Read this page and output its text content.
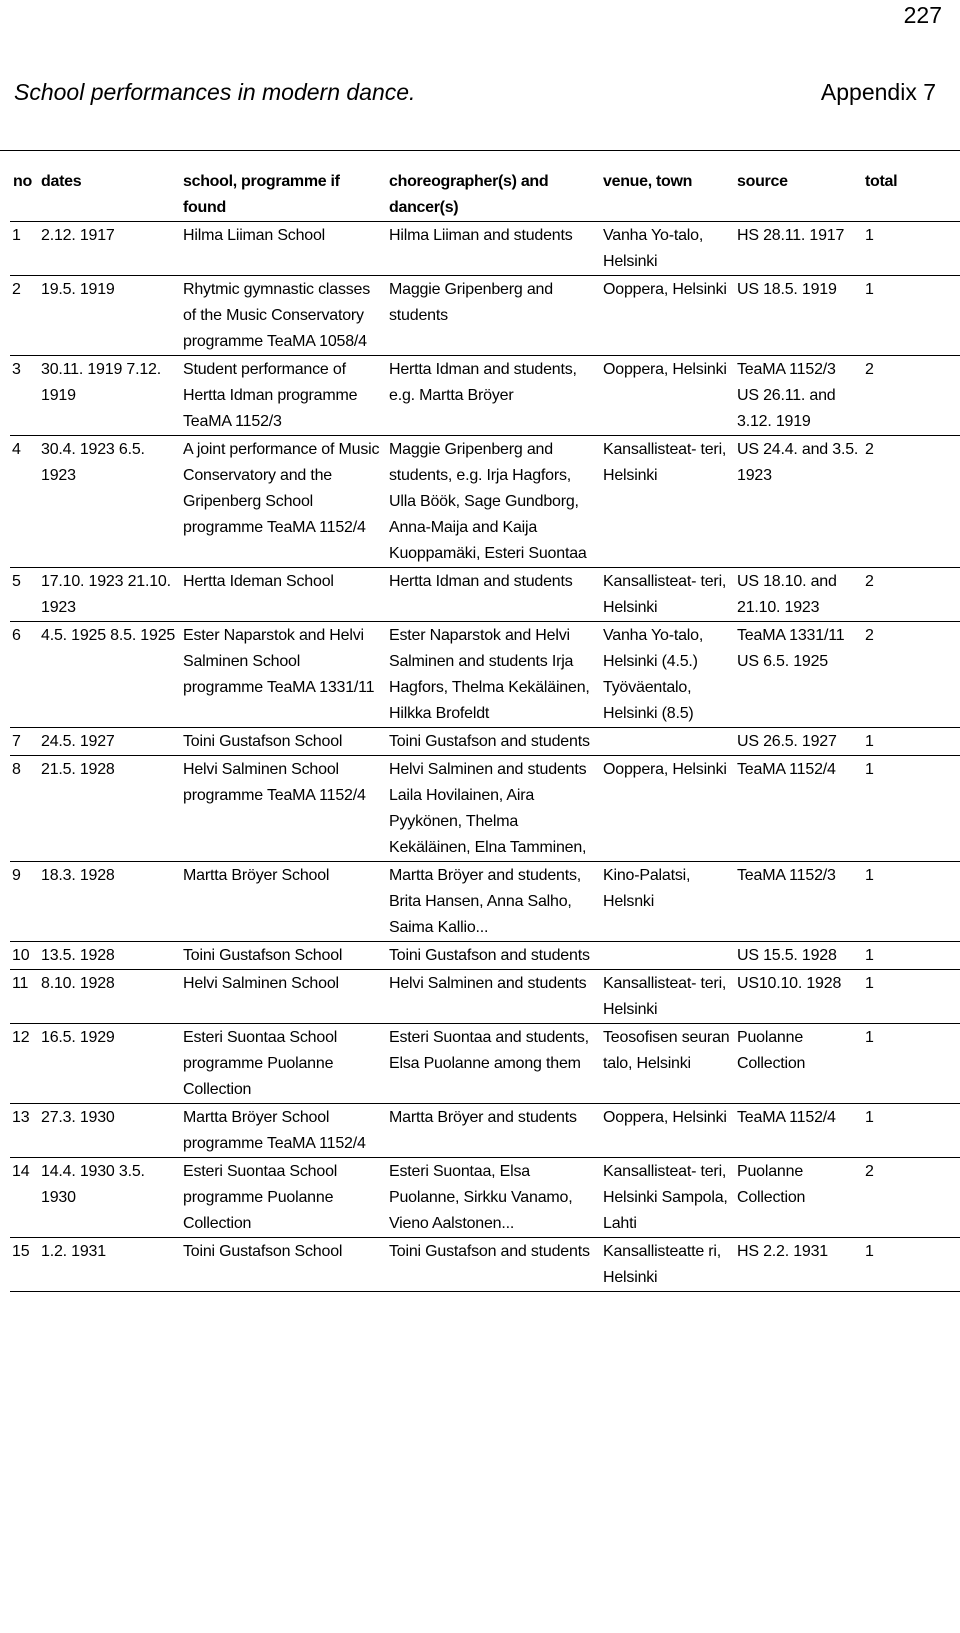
227
School performances in modern dance.	Appendix 7
no	dates	school, programme if found	choreographer(s) and dancer(s)	venue, town	source	total
1	2.12. 1917	Hilma Liiman School	Hilma Liiman and students	Vanha Yo-talo, Helsinki	HS 28.11. 1917	1
2	19.5. 1919	Rhytmic gymnastic classes of the Music Conservatory programme TeaMA 1058/4	Maggie Gripenberg and students	Ooppera, Helsinki	US 18.5. 1919	1
3	30.11. 1919 7.12. 1919	Student performance of Hertta Idman programme TeaMA 1152/3	Hertta Idman and students, e.g. Martta Bröyer	Ooppera, Helsinki	TeaMA 1152/3 US 26.11. and 3.12. 1919	2
4	30.4. 1923 6.5. 1923	A joint performance of Music Conservatory and the Gripenberg School programme TeaMA 1152/4	Maggie Gripenberg and students, e.g. Irja Hagfors, Ulla Böök, Sage Gundborg, Anna-Maija and Kaija Kuoppamäki, Esteri Suontaa	Kansallisteat- teri, Helsinki	US 24.4. and 3.5. 1923	2
5	17.10. 1923 21.10. 1923	Hertta Ideman School	Hertta Idman and students	Kansallisteat- teri, Helsinki	US 18.10. and 21.10. 1923	2
6	4.5. 1925 8.5. 1925	Ester Naparstok and Helvi Salminen School programme TeaMA 1331/11	Ester Naparstok and Helvi Salminen and students Irja Hagfors, Thelma Kekäläinen, Hilkka Brofeldt	Vanha Yo-talo, Helsinki (4.5.) Työväentalo, Helsinki (8.5)	TeaMA 1331/11 US 6.5. 1925	2
7	24.5. 1927	Toini Gustafson School	Toini Gustafson and students		US 26.5. 1927	1
8	21.5. 1928	Helvi Salminen School programme TeaMA 1152/4	Helvi Salminen and students Laila Hovilainen, Aira Pyykönen, Thelma Kekäläinen, Elna Tamminen,	Ooppera, Helsinki	TeaMA 1152/4	1
9	18.3. 1928	Martta Bröyer School	Martta Bröyer and students, Brita Hansen, Anna Salho, Saima Kallio...	Kino-Palatsi, Helsnki	TeaMA 1152/3	1
10	13.5. 1928	Toini Gustafson School	Toini Gustafson and students		US 15.5. 1928	1
11	8.10. 1928	Helvi Salminen School	Helvi Salminen and students	Kansallisteat- teri, Helsinki	US10.10. 1928	1
12	16.5. 1929	Esteri Suontaa School programme Puolanne Collection	Esteri Suontaa and students, Elsa Puolanne among them	Teosofisen seuran talo, Helsinki	Puolanne Collection	1
13	27.3. 1930	Martta Bröyer School programme TeaMA 1152/4	Martta Bröyer and students	Ooppera, Helsinki	TeaMA 1152/4	1
14	14.4. 1930 3.5. 1930	Esteri Suontaa School programme Puolanne Collection	Esteri Suontaa, Elsa Puolanne, Sirkku Vanamo, Vieno Aalstonen...	Kansallisteat- teri, Helsinki Sampola, Lahti	Puolanne Collection	2
15	1.2. 1931	Toini Gustafson School	Toini Gustafson and students	Kansallisteatte ri, Helsinki	HS 2.2. 1931	1
